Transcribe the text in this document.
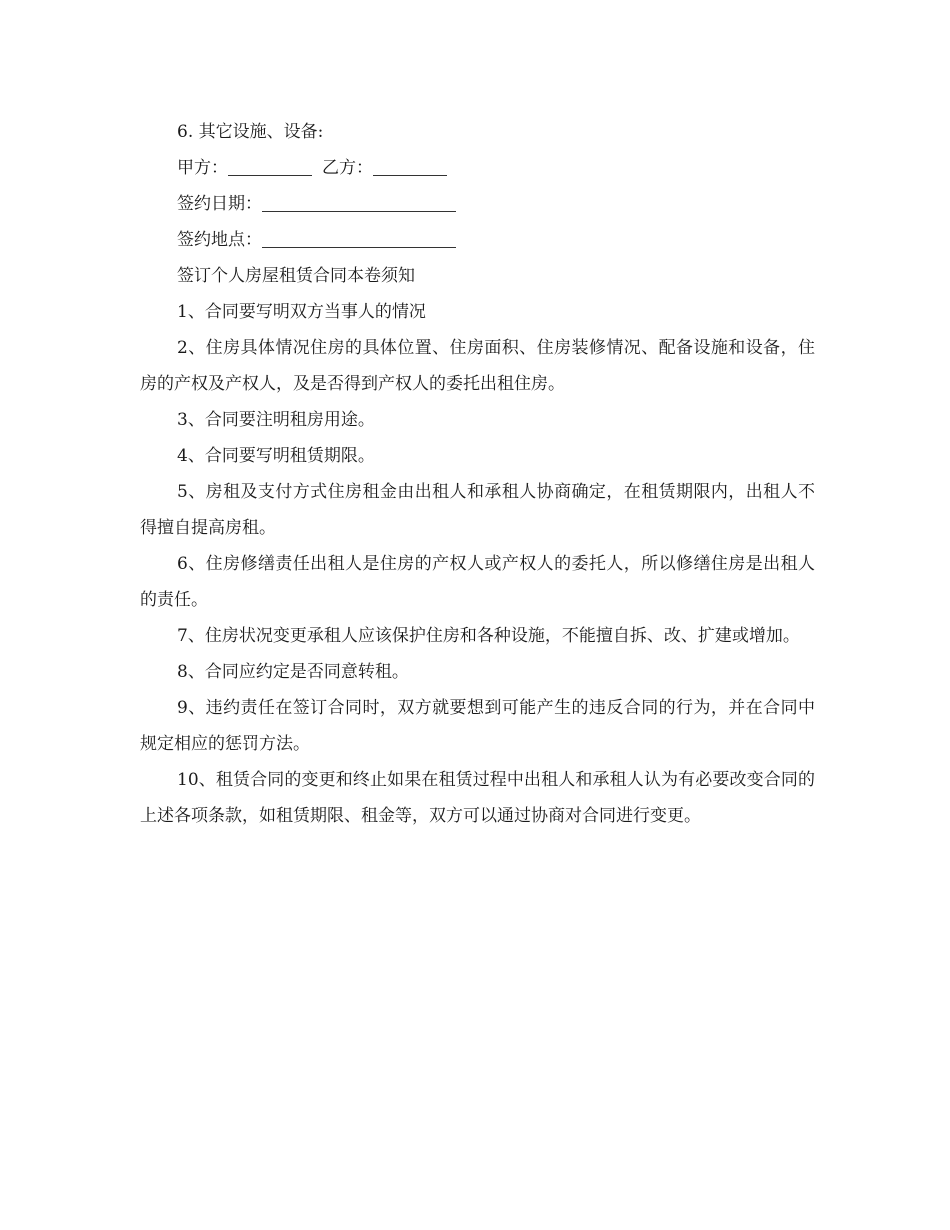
6. 其它设施、设备:

甲方：	乙方：

签约日期：

签约地点：

签订个人房屋租赁合同本卷须知

1、合同要写明双方当事人的情况

2、住房具体情况住房的具体位置、住房面积、住房装修情况、配备设施和设备，住房的产权及产权人，及是否得到产权人的委托出租住房。

3、合同要注明租房用途。

4、合同要写明租赁期限。

5、房租及支付方式住房租金由出租人和承租人协商确定，在租赁期限内，出租人不得擅自提高房租。

6、住房修缮责任出租人是住房的产权人或产权人的委托人，所以修缮住房是出租人的责任。

7、住房状况变更承租人应该保护住房和各种设施，不能擅自拆、改、扩建或增加。

8、合同应约定是否同意转租。

9、违约责任在签订合同时，双方就要想到可能产生的违反合同的行为，并在合同中规定相应的惩罚方法。

10、租赁合同的变更和终止如果在租赁过程中出租人和承租人认为有必要改变合同的上述各项条款，如租赁期限、租金等，双方可以通过协商对合同进行变更。
